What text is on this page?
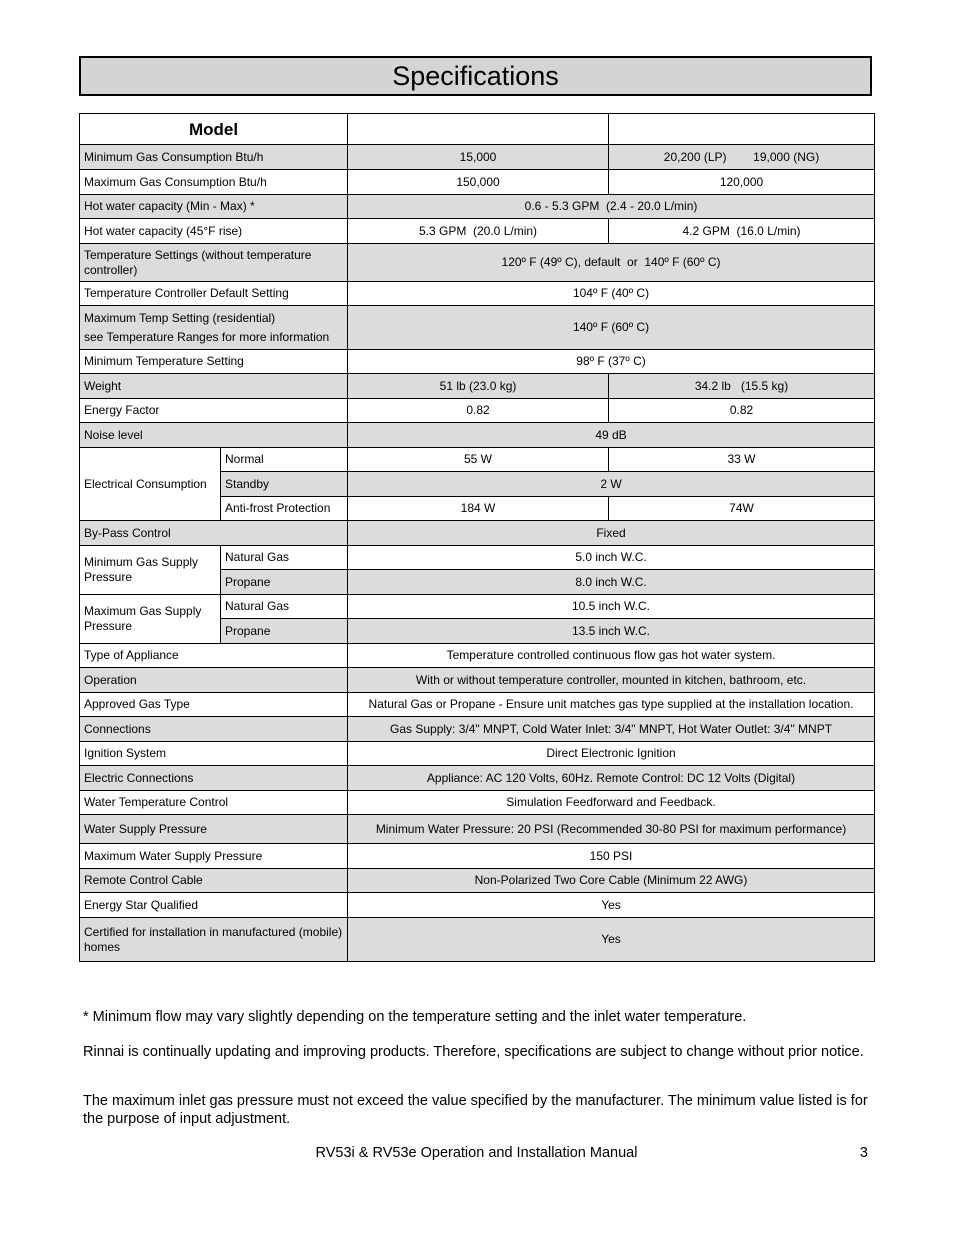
Specifications
Model			
Minimum Gas Consumption Btu/h		15,000	20,200 (LP)        19,000 (NG)
Maximum Gas Consumption Btu/h		150,000	120,000
Hot water capacity (Min - Max) *		0.6 - 5.3 GPM  (2.4 - 20.0 L/min)	
Hot water capacity (45°F rise)		5.3 GPM  (20.0 L/min)	4.2 GPM  (16.0 L/min)
Temperature Settings (without temperature controller)		120º F (49º C), default  or  140º F (60º C)	
Temperature Controller Default Setting		104º F (40º C)	

Maximum Temp Setting (residential)
see Temperature Ranges for more information		140º F (60º C)	
Minimum Temperature Setting		98º F (37º C)	
Weight		51 lb (23.0 kg)	34.2 lb   (15.5 kg)
Energy Factor		0.82	0.82
Noise level		49 dB	
Electrical Consumption	Normal	55 W	33 W
	Standby	2 W	
	Anti-frost Protection	184 W	74W
By-Pass Control		Fixed	
Minimum Gas Supply Pressure	Natural Gas	5.0 inch W.C.	
	Propane	8.0 inch W.C.	
Maximum Gas Supply Pressure	Natural Gas	10.5 inch W.C.	
	Propane	13.5 inch W.C.	
Type of Appliance		Temperature controlled continuous flow gas hot water system.	
Operation		With or without temperature controller, mounted in kitchen, bathroom, etc.	
Approved Gas Type		Natural Gas or Propane - Ensure unit matches gas type supplied at the installation location.	
Connections		Gas Supply: 3/4" MNPT, Cold Water Inlet: 3/4" MNPT, Hot Water Outlet: 3/4" MNPT	
Ignition System		Direct Electronic Ignition	
Electric Connections		Appliance: AC 120 Volts, 60Hz. Remote Control: DC 12 Volts (Digital)	
Water Temperature Control		Simulation Feedforward and Feedback.	
Water Supply Pressure		Minimum Water Pressure: 20 PSI (Recommended 30-80 PSI for maximum performance)	
Maximum Water Supply Pressure		150 PSI	
Remote Control Cable		Non-Polarized Two Core Cable (Minimum 22 AWG)	
Energy Star Qualified		Yes	
Certified for installation in manufactured (mobile) homes		Yes	
* Minimum flow may vary slightly depending on the temperature setting and the inlet water temperature.
Rinnai is continually updating and improving products. Therefore, specifications are subject to change without prior notice.
The maximum inlet gas pressure must not exceed the value specified by the manufacturer. The minimum value listed is for the purpose of input adjustment.
RV53i & RV53e Operation and Installation Manual	3
